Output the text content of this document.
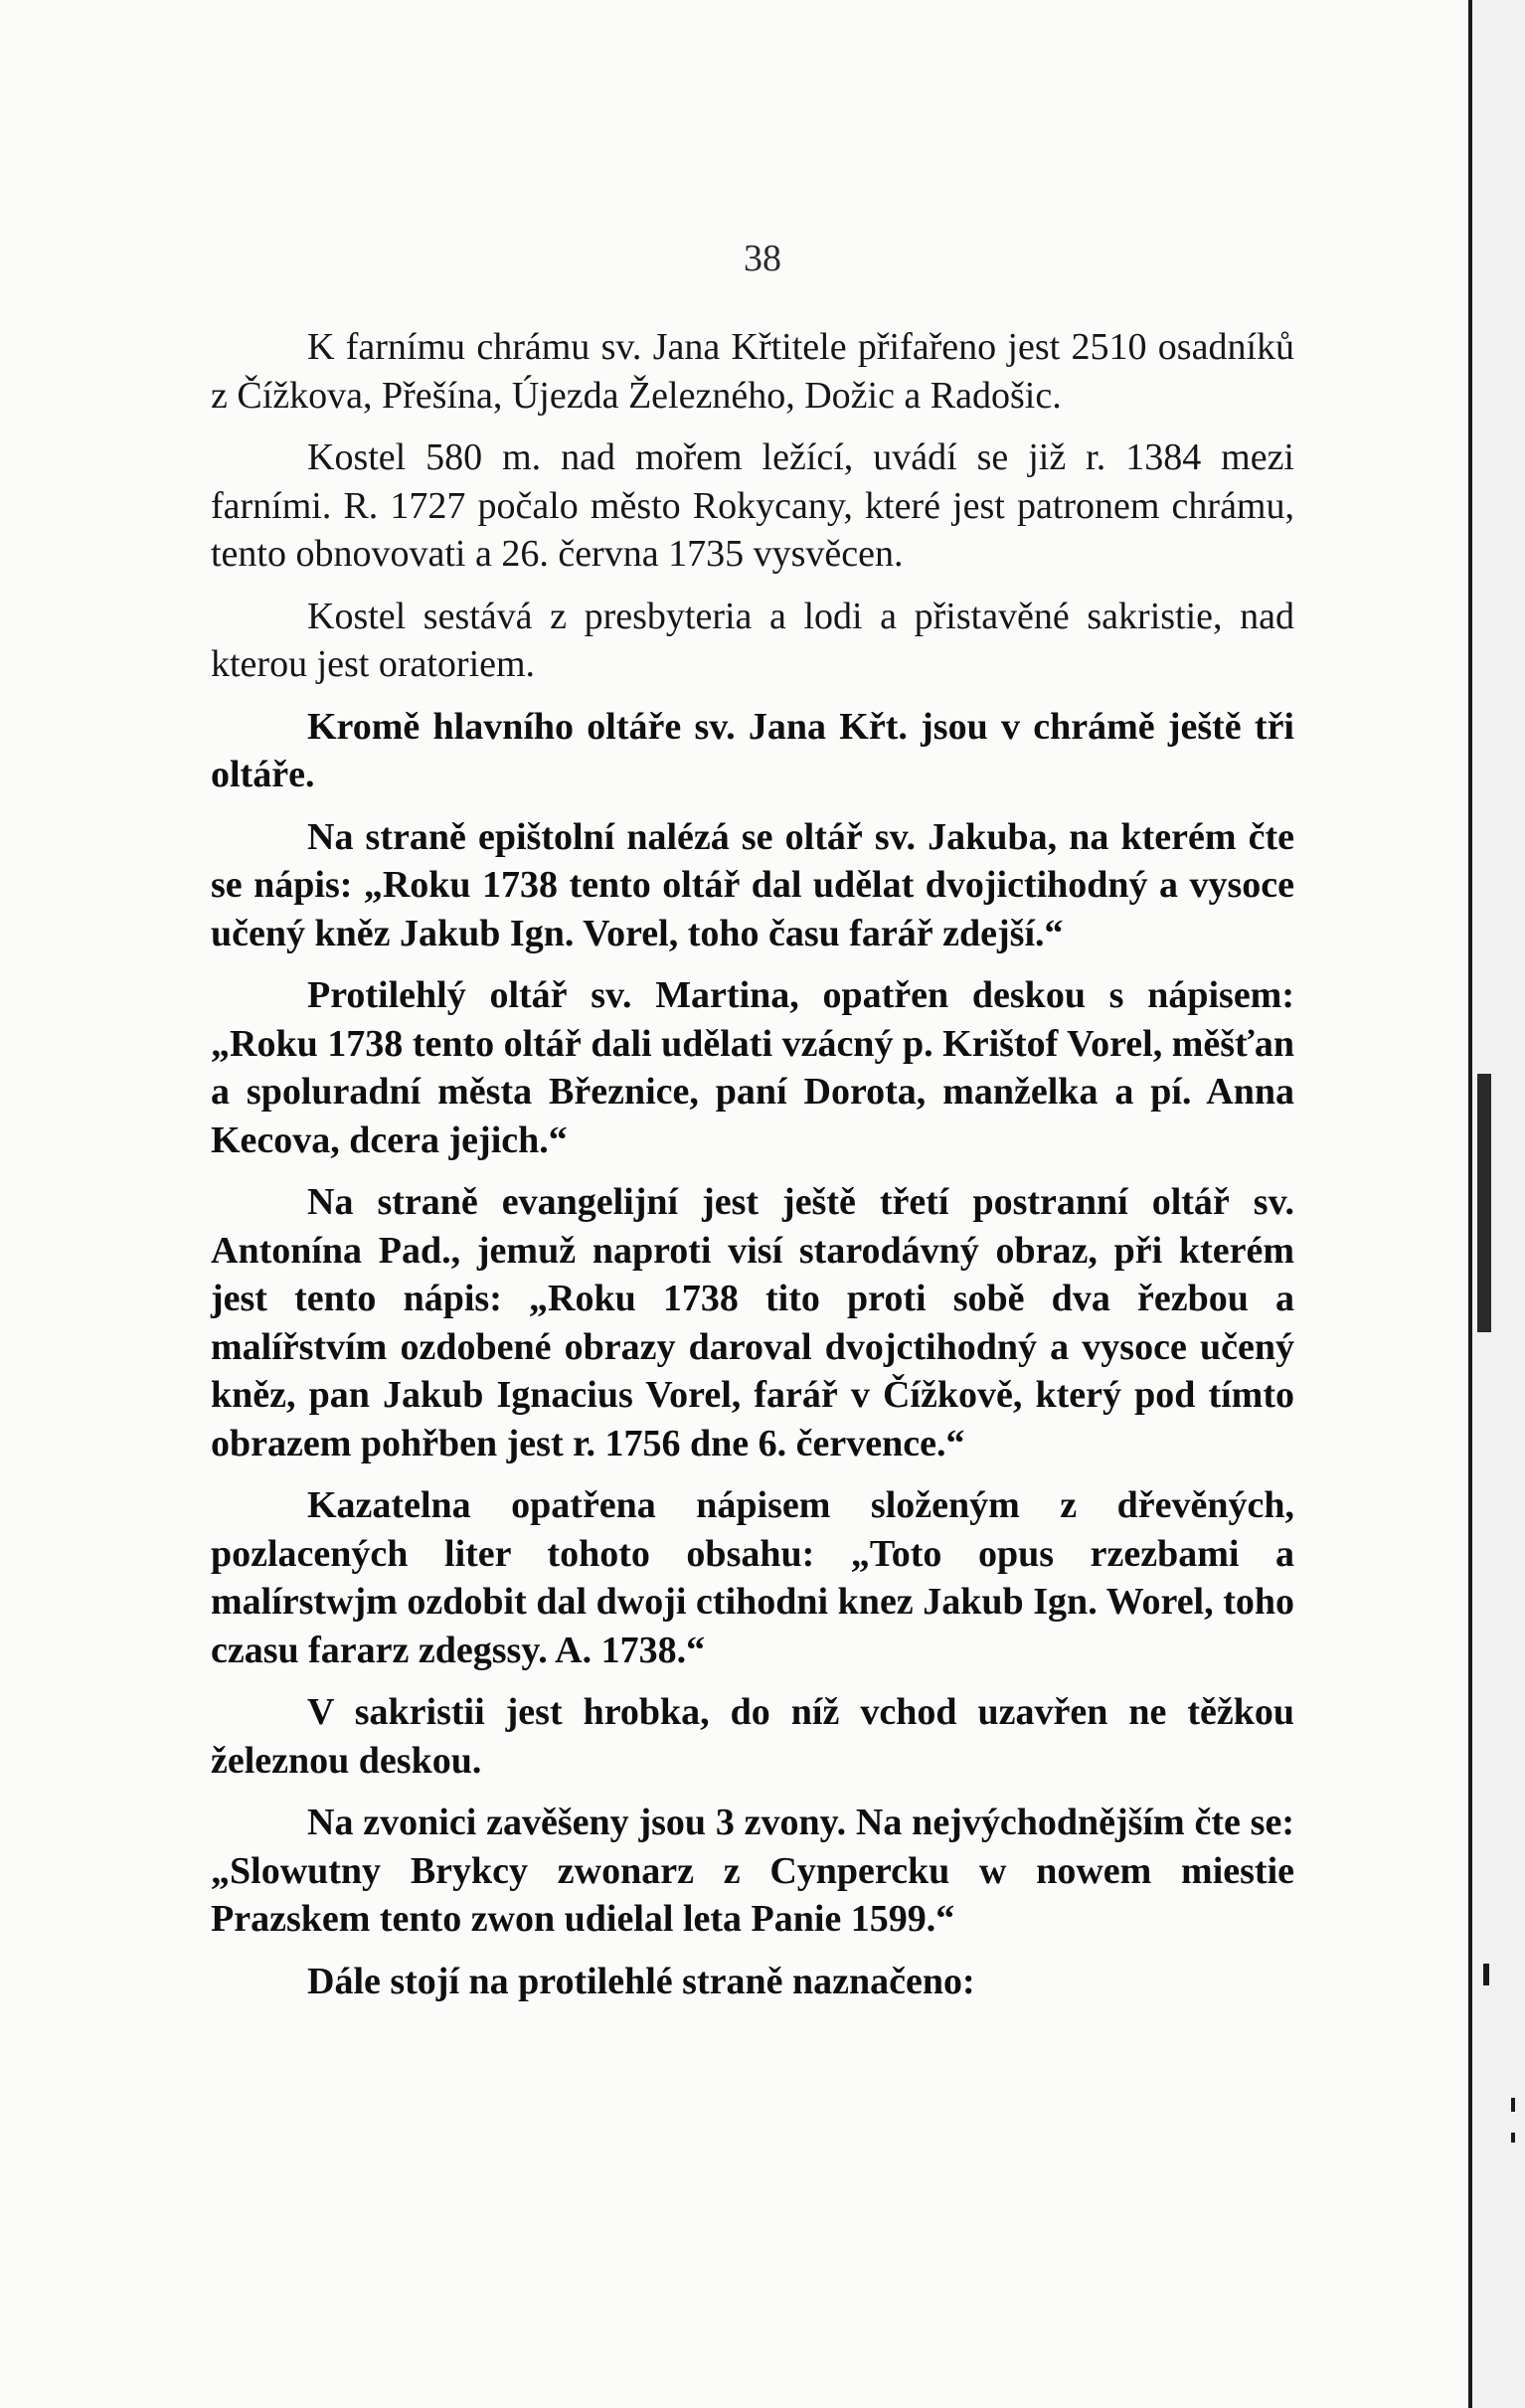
38

K farnímu chrámu sv. Jana Křtitele přifařeno jest 2510 osadníků z Čížkova, Přešína, Újezda Železného, Dožic a Radošic.

Kostel 580 m. nad mořem ležící, uvádí se již r. 1384 mezi farními. R. 1727 počalo město Rokycany, které jest patronem chrámu, tento obnovovati a 26. června 1735 vysvěcen.

Kostel sestává z presbyteria a lodi a přistavěné sakristie, nad kterou jest oratoriem.

Kromě hlavního oltáře sv. Jana Křt. jsou v chrámě ještě tři oltáře.

Na straně epištolní nalézá se oltář sv. Jakuba, na kterém čte se nápis: „Roku 1738 tento oltář dal udělat dvojictihodný a vysoce učený kněz Jakub Ign. Vorel, toho času farář zdejší.“

Protilehlý oltář sv. Martina, opatřen deskou s nápisem: „Roku 1738 tento oltář dali udělati vzácný p. Krištof Vorel, měšťan a spoluradní města Březnice, paní Dorota, manželka a pí. Anna Kecova, dcera jejich.“

Na straně evangelijní jest ještě třetí postranní oltář sv. Antonína Pad., jemuž naproti visí starodávný obraz, při kterém jest tento nápis: „Roku 1738 tito proti sobě dva řezbou a malířstvím ozdobené obrazy daroval dvojctihodný a vysoce učený kněz, pan Jakub Ignacius Vorel, farář v Čížkově, který pod tímto obrazem pohřben jest r. 1756 dne 6. července.“

Kazatelna opatřena nápisem složeným z dřevěných, pozlacených liter tohoto obsahu: „Toto opus rzezbami a malírstwjm ozdobit dal dwoji ctihodni knez Jakub Ign. Worel, toho czasu fararz zdegssy. A. 1738.“

V sakristii jest hrobka, do níž vchod uzavřen ne těžkou železnou deskou.

Na zvonici zavěšeny jsou 3 zvony. Na nejvýchodnějším čte se: „Slowutny Brykcy zwonarz z Cynpercku w nowem miestie Prazskem tento zwon udielal leta Panie 1599.“

Dále stojí na protilehlé straně naznačeno:
